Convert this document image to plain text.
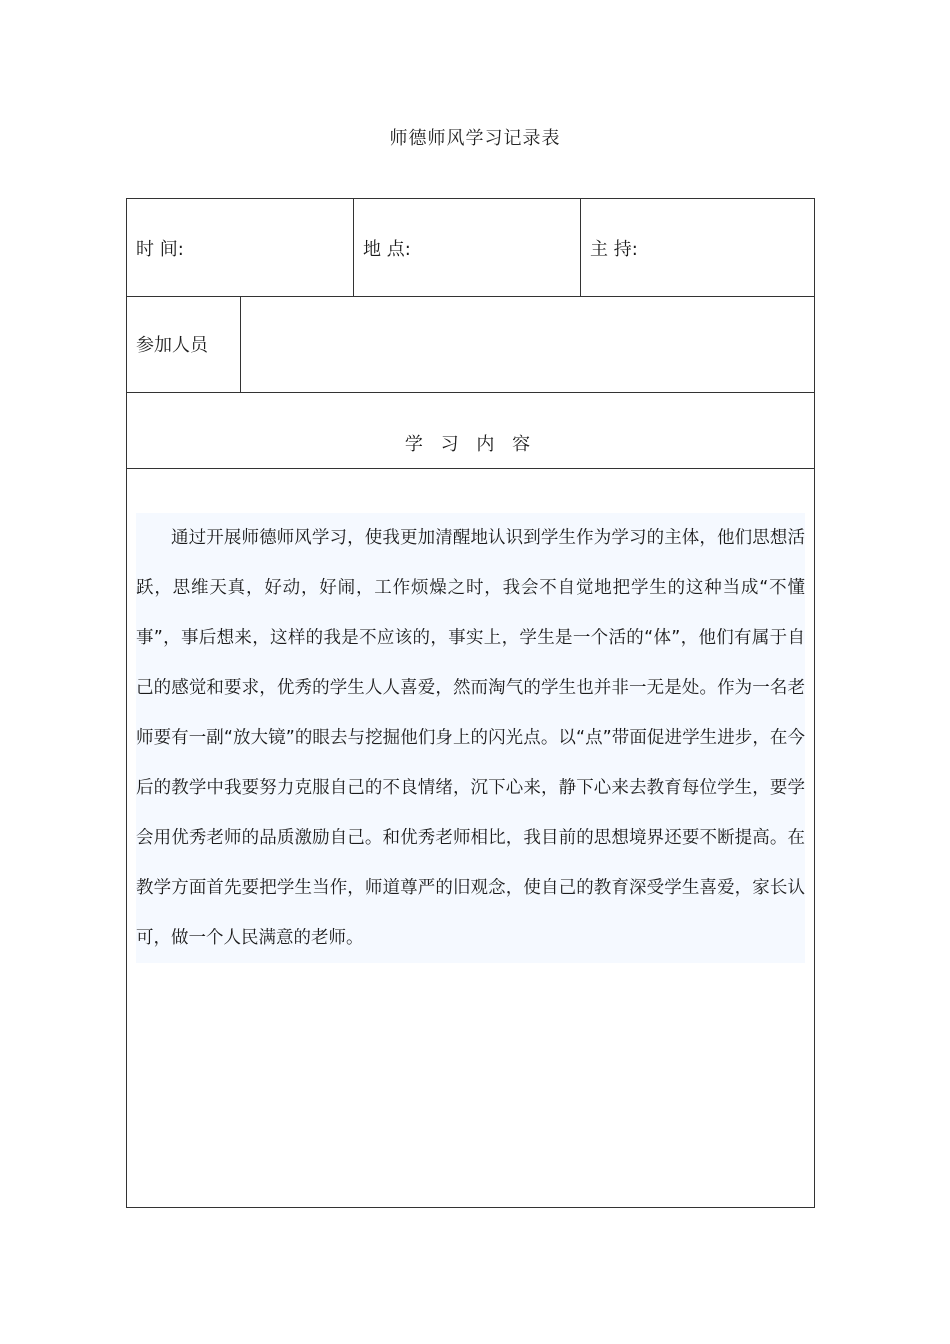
师德师风学习记录表
时 间:	地 点:	主 持:
参加人员
学 习 内 容
通过开展师德师风学习，使我更加清醒地认识到学生作为学习的主体，他们思想活跃，思维天真，好动，好闹，工作烦燥之时，我会不自觉地把学生的这种当成“不懂事”，事后想来，这样的我是不应该的，事实上，学生是一个活的“体”，他们有属于自己的感觉和要求，优秀的学生人人喜爱，然而淘气的学生也并非一无是处。作为一名老师要有一副“放大镜”的眼去与挖掘他们身上的闪光点。以“点”带面促进学生进步，在今后的教学中我要努力克服自己的不良情绪，沉下心来，静下心来去教育每位学生，要学会用优秀老师的品质激励自己。和优秀老师相比，我目前的思想境界还要不断提高。在教学方面首先要把学生当作，师道尊严的旧观念，使自己的教育深受学生喜爱，家长认可，做一个人民满意的老师。
